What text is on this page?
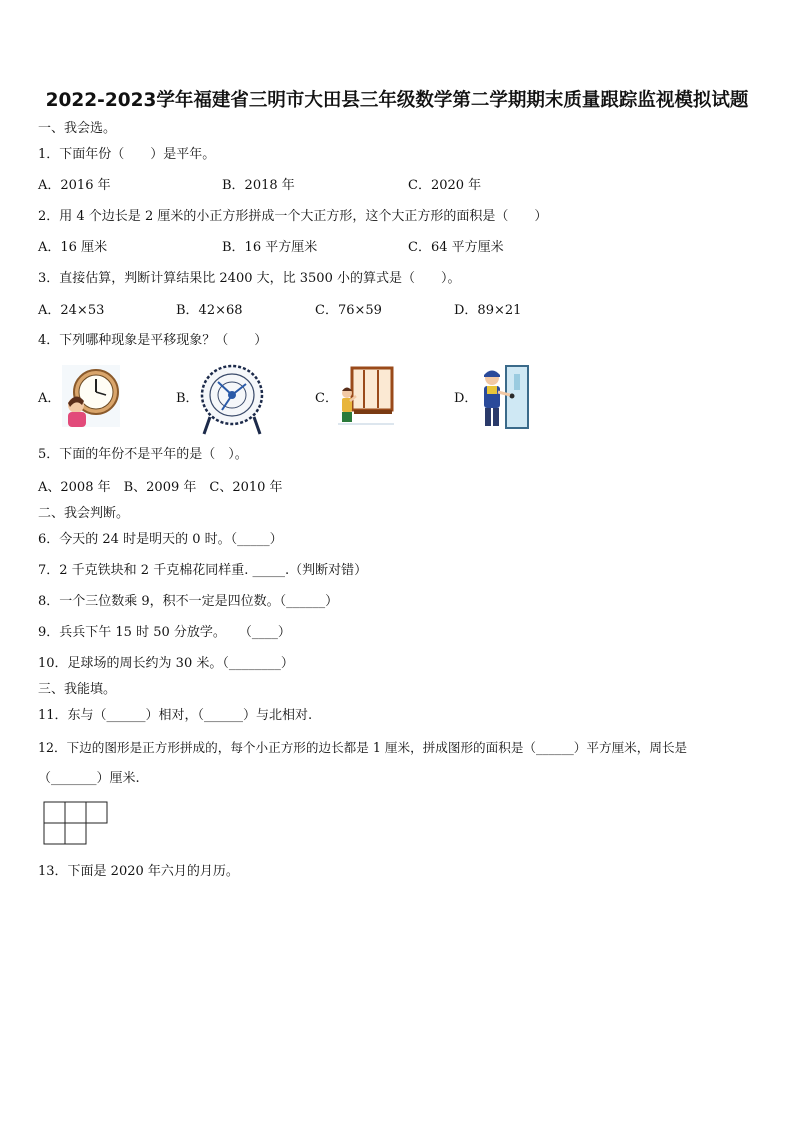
2022-2023学年福建省三明市大田县三年级数学第二学期期末质量跟踪监视模拟试题
一、我会选。
1．下面年份（　　）是平年。
A．2016 年	B．2018 年	C．2020 年
2．用 4 个边长是 2 厘米的小正方形拼成一个大正方形，这个大正方形的面积是（　　）
A．16 厘米	B．16 平方厘米	C．64 平方厘米
3．直接估算，判断计算结果比 2400 大，比 3500 小的算式是（　　）。
A．24×53	B．42×68	C．76×59	D．89×21
4．下列哪种现象是平移现象？（　　）
A．	B．	C．	D．
5．下面的年份不是平年的是（　）。
A、2008 年　B、2009 年　C、2010 年
二、我会判断。
6．今天的 24 时是明天的 0 时。（_____）
7．2 千克铁块和 2 千克棉花同样重. _____.（判断对错）
8．一个三位数乘 9，积不一定是四位数。（______）
9．兵兵下午 15 时 50 分放学。　　（____）
10．足球场的周长约为 30 米。（________）
三、我能填。
11．东与（______）相对，（______）与北相对.
12．下边的图形是正方形拼成的，每个小正方形的边长都是 1 厘米，拼成图形的面积是（______）平方厘米，周长是
（_______）厘米.
13．下面是 2020 年六月的月历。
